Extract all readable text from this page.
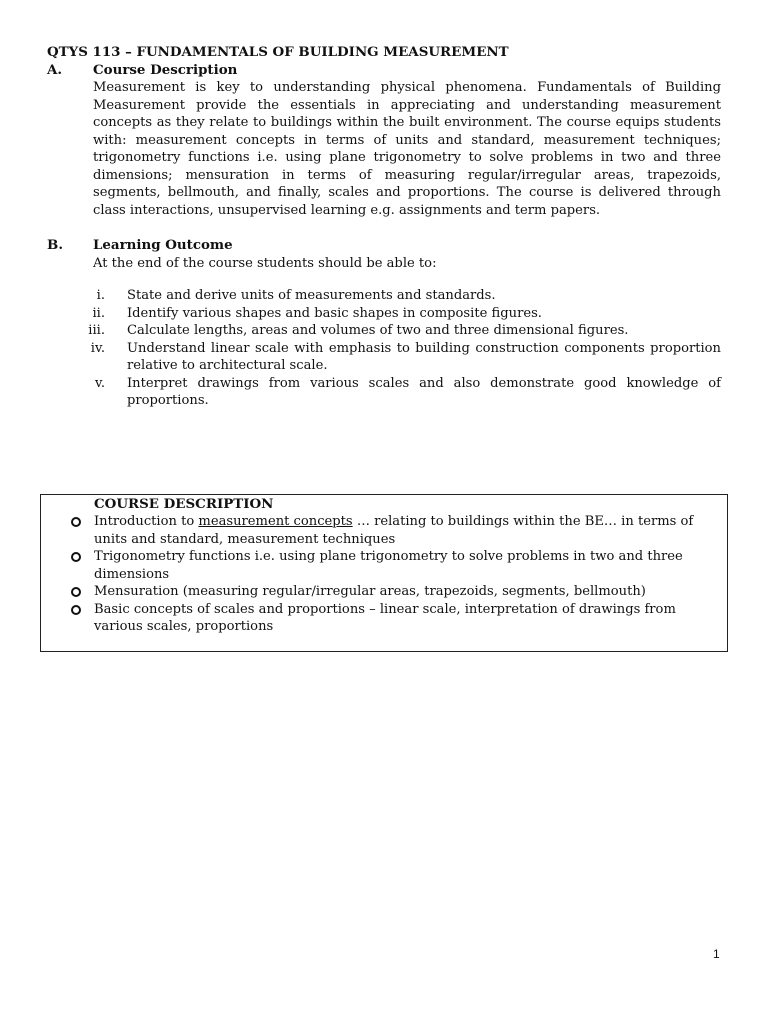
QTYS 113 – FUNDAMENTALS OF BUILDING MEASUREMENT
A. Course Description
Measurement is key to understanding physical phenomena. Fundamentals of Building Measurement provide the essentials in appreciating and understanding measurement concepts as they relate to buildings within the built environment. The course equips students with: measurement concepts in terms of units and standard, measurement techniques; trigonometry functions i.e. using plane trigonometry to solve problems in two and three dimensions; mensuration in terms of measuring regular/irregular areas, trapezoids, segments, bellmouth, and finally, scales and proportions. The course is delivered through class interactions, unsupervised learning e.g. assignments and term papers.
B. Learning Outcome
At the end of the course students should be able to:
i. State and derive units of measurements and standards.
ii. Identify various shapes and basic shapes in composite figures.
iii. Calculate lengths, areas and volumes of two and three dimensional figures.
iv. Understand linear scale with emphasis to building construction components proportion relative to architectural scale.
v. Interpret drawings from various scales and also demonstrate good knowledge of proportions.
COURSE DESCRIPTION
Introduction to measurement concepts … relating to buildings within the BE… in terms of units and standard, measurement techniques
Trigonometry functions i.e. using plane trigonometry to solve problems in two and three dimensions
Mensuration (measuring regular/irregular areas, trapezoids, segments, bellmouth)
Basic concepts of scales and proportions – linear scale, interpretation of drawings from various scales, proportions
1
